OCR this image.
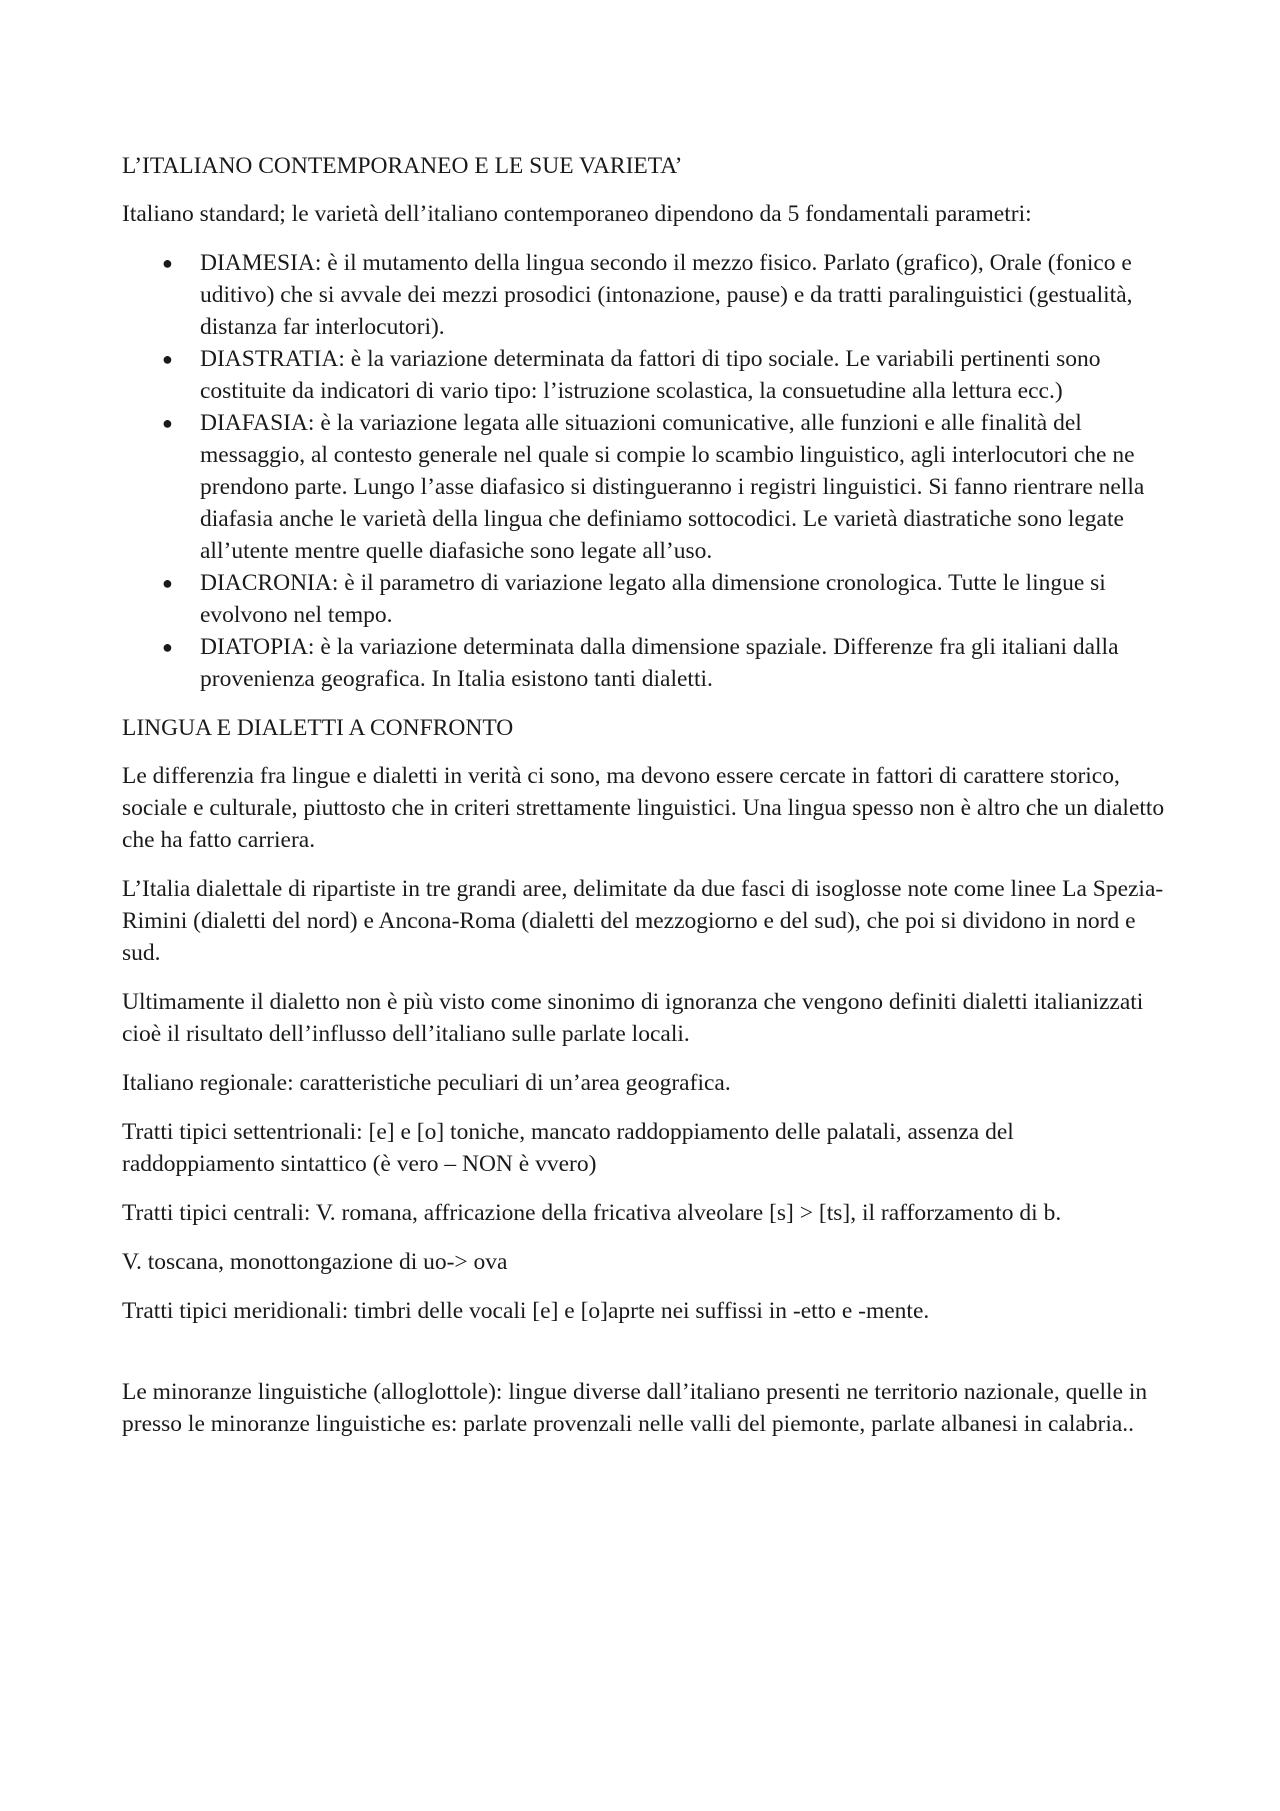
L’ITALIANO CONTEMPORANEO E LE SUE VARIETA’

Italiano standard; le varietà dell’italiano contemporaneo dipendono da 5 fondamentali parametri:

● DIAMESIA: è il mutamento della lingua secondo il mezzo fisico. Parlato (grafico), Orale (fonico e uditivo) che si avvale dei mezzi prosodici (intonazione, pause) e da tratti paralinguistici (gestualità, distanza far interlocutori).
● DIASTRATIA: è la variazione determinata da fattori di tipo sociale. Le variabili pertinenti sono costituite da indicatori di vario tipo: l’istruzione scolastica, la consuetudine alla lettura ecc.)
● DIAFASIA: è la variazione legata alle situazioni comunicative, alle funzioni e alle finalità del messaggio, al contesto generale nel quale si compie lo scambio linguistico, agli interlocutori che ne prendono parte. Lungo l’asse diafasico si distingueranno i registri linguistici. Si fanno rientrare nella diafasia anche le varietà della lingua che definiamo sottocodici. Le varietà diastratiche sono legate all’utente mentre quelle diafasiche sono legate all’uso.
● DIACRONIA: è il parametro di variazione legato alla dimensione cronologica. Tutte le lingue si evolvono nel tempo.
● DIATOPIA: è la variazione determinata dalla dimensione spaziale. Differenze fra gli italiani dalla provenienza geografica. In Italia esistono tanti dialetti.

LINGUA E DIALETTI A CONFRONTO

Le differenzia fra lingue e dialetti in verità ci sono, ma devono essere cercate in fattori di carattere storico, sociale e culturale, piuttosto che in criteri strettamente linguistici. Una lingua spesso non è altro che un dialetto che ha fatto carriera.

L’Italia dialettale di ripartiste in tre grandi aree, delimitate da due fasci di isoglosse note come linee La Spezia- Rimini (dialetti del nord) e Ancona-Roma (dialetti del mezzogiorno e del sud), che poi si dividono in nord e sud.

Ultimamente il dialetto non è più visto come sinonimo di ignoranza che vengono definiti dialetti italianizzati cioè il risultato dell’influsso dell’italiano sulle parlate locali.

Italiano regionale: caratteristiche peculiari di un’area geografica.

Tratti tipici settentrionali: [e] e [o] toniche, mancato raddoppiamento delle palatali, assenza del raddoppiamento sintattico (è vero – NON è vvero)

Tratti tipici centrali: V. romana, affricazione della fricativa alveolare [s] > [ts], il rafforzamento di b.

V. toscana, monottongazione di uo-> ova

Tratti tipici meridionali: timbri delle vocali [e] e [o]aprte nei suffissi in -etto e -mente.

Le minoranze linguistiche (alloglottole): lingue diverse dall’italiano presenti ne territorio nazionale, quelle in presso le minoranze linguistiche es: parlate provenzali nelle valli del piemonte, parlate albanesi in calabria..
